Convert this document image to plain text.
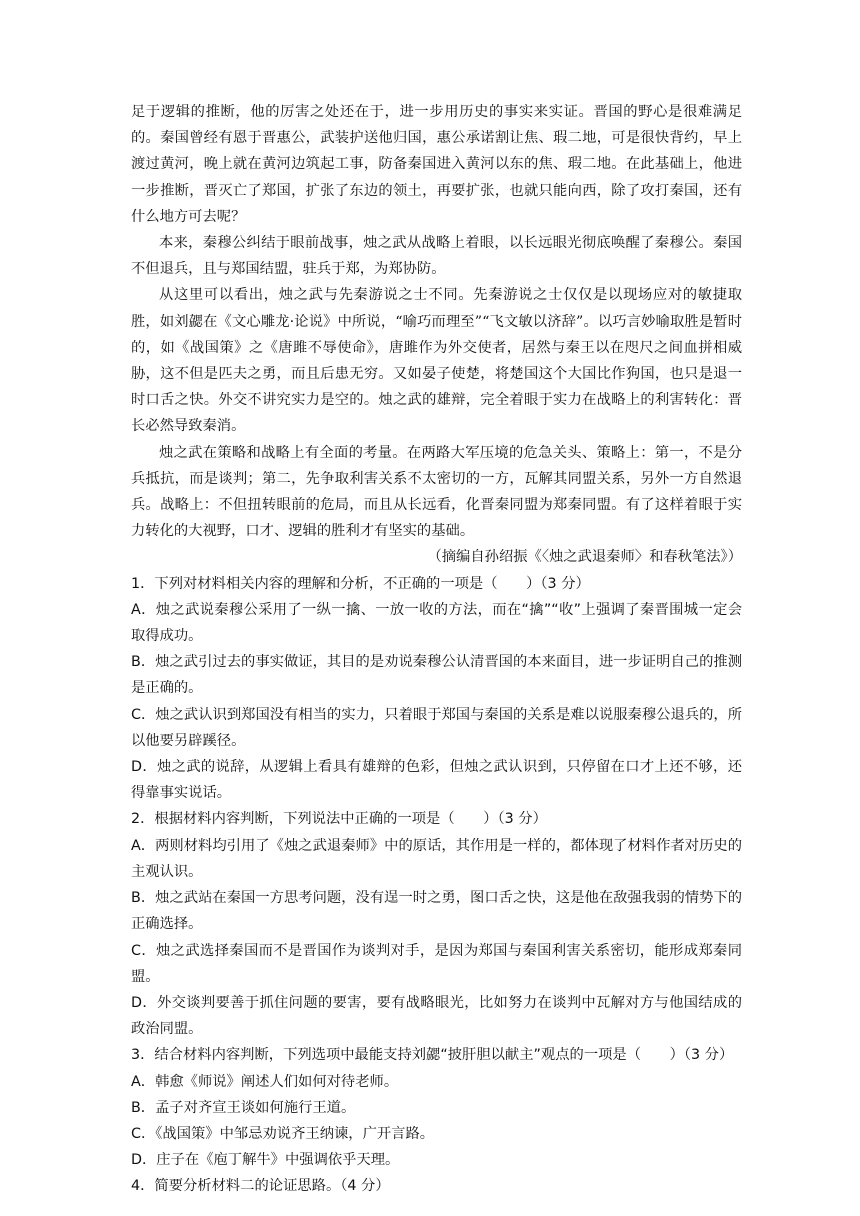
足于逻辑的推断，他的厉害之处还在于，进一步用历史的事实来实证。晋国的野心是很难满足的。秦国曾经有恩于晋惠公，武装护送他归国，惠公承诺割让焦、瑕二地，可是很快背约，早上渡过黄河，晚上就在黄河边筑起工事，防备秦国进入黄河以东的焦、瑕二地。在此基础上，他进一步推断，晋灭亡了郑国，扩张了东边的领土，再要扩张，也就只能向西，除了攻打秦国，还有什么地方可去呢？

本来，秦穆公纠结于眼前战事，烛之武从战略上着眼，以长远眼光彻底唤醒了秦穆公。秦国不但退兵，且与郑国结盟，驻兵于郑，为郑协防。

从这里可以看出，烛之武与先秦游说之士不同。先秦游说之士仅仅是以现场应对的敏捷取胜，如刘勰在《文心雕龙·论说》中所说，“喻巧而理至”“飞文敏以济辞”。以巧言妙喻取胜是暂时的，如《战国策》之《唐雎不辱使命》，唐雎作为外交使者，居然与秦王以在咫尺之间血拼相威胁，这不但是匹夫之勇，而且后患无穷。又如晏子使楚，将楚国这个大国比作狗国，也只是退一时口舌之快。外交不讲究实力是空的。烛之武的雄辩，完全着眼于实力在战略上的利害转化：晋长必然导致秦消。

烛之武在策略和战略上有全面的考量。在两路大军压境的危急关头、策略上：第一，不是分兵抵抗，而是谈判；第二，先争取利害关系不太密切的一方，瓦解其同盟关系，另外一方自然退兵。战略上：不但扭转眼前的危局，而且从长远看，化晋秦同盟为郑秦同盟。有了这样着眼于实力转化的大视野，口才、逻辑的胜利才有坚实的基础。

（摘编自孙绍振《〈烛之武退秦师〉和春秋笔法》）

1．下列对材料相关内容的理解和分析，不正确的一项是（　　）（3 分）

A．烛之武说秦穆公采用了一纵一擒、一放一收的方法，而在“擒”“收”上强调了秦晋围城一定会取得成功。

B．烛之武引过去的事实做证，其目的是劝说秦穆公认清晋国的本来面目，进一步证明自己的推测是正确的。

C．烛之武认识到郑国没有相当的实力，只着眼于郑国与秦国的关系是难以说服秦穆公退兵的，所以他要另辟蹊径。

D．烛之武的说辞，从逻辑上看具有雄辩的色彩，但烛之武认识到，只停留在口才上还不够，还得靠事实说话。

2．根据材料内容判断，下列说法中正确的一项是（　　）（3 分）

A．两则材料均引用了《烛之武退秦师》中的原话，其作用是一样的，都体现了材料作者对历史的主观认识。

B．烛之武站在秦国一方思考问题，没有逞一时之勇，图口舌之快，这是他在敌强我弱的情势下的正确选择。

C．烛之武选择秦国而不是晋国作为谈判对手，是因为郑国与秦国利害关系密切，能形成郑秦同盟。

D．外交谈判要善于抓住问题的要害，要有战略眼光，比如努力在谈判中瓦解对方与他国结成的政治同盟。

3．结合材料内容判断，下列选项中最能支持刘勰“披肝胆以献主”观点的一项是（　　）（3 分）

A．韩愈《师说》阐述人们如何对待老师。

B．孟子对齐宣王谈如何施行王道。

C．《战国策》中邹忌劝说齐王纳谏，广开言路。

D．庄子在《庖丁解牛》中强调依乎天理。

4．简要分析材料二的论证思路。（4 分）
